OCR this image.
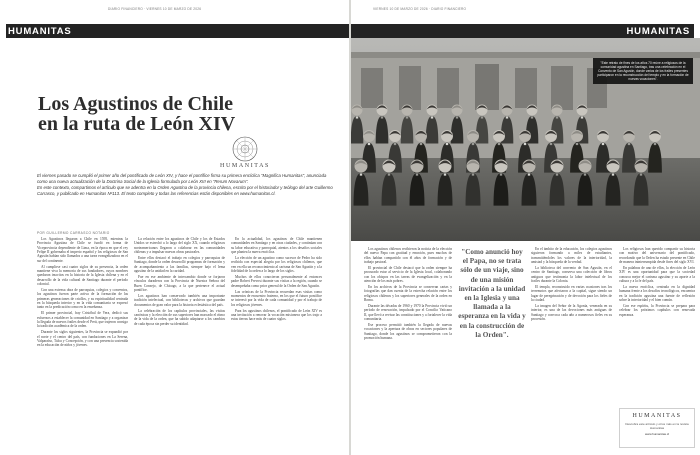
DIARIO FINANCIERO · VIERNES 10 DE MARZO DE 2026
HUMANITAS
Los Agustinos de Chile
en la ruta de León XIV
HUMANITAS

El viernes pasado se cumplió el primer año del pontificado de León XIV, y hace el pontífice firma su primera encíclica "Magnifica Humanitas", anunciada como una nueva actualización de la Doctrina Social de la Iglesia formulada por León XIII en "Rerum Novarum".

En este contexto, compartimos el artículo que se adentra en la Orden Agustina de la provincia chilena, escrito por el historiador y teólogo del arte Guillermo Carrasco, y publicado en Humanitas Nº113. El texto completo y todas las referencias están disponibles en www.humanitas.cl.

POR GUILLERMO CARRASCO NOTARIO

Los Agustinos llegaron a Chile en 1595, mientras la Provincia Agustina de Chile se fundó en forma de Viceprovincia dependiente de Lima, en la época en que el rey Felipe II gobernaba el imperio español y los religiosos de San Agustín habían sido llamados a una tarea evangelizadora en el sur del continente.

Al cumplirse casi cuatro siglos de su presencia, la orden mantiene viva la memoria de sus fundadores, cuyos nombres quedaron inscritos en la historia de la Iglesia chilena y en el desarrollo de la vida cultural de Santiago durante el período colonial.

Con una extensa obra de parroquias, colegios y conventos, los agustinos fueron parte activa de la formación de las primeras generaciones de criollos, y su espiritualidad centrada en la búsqueda interior y en la vida comunitaria se expresó tanto en la predicación como en la enseñanza.

El primer provincial, fray Cristóbal de Vera, dedicó sus esfuerzos a establecer la comunidad en Santiago y a organizar la llegada de nuevos frailes desde el Perú, que trajeron consigo la tradición académica de la orden.

Durante los siglos siguientes, la Provincia se expandió por el norte y el centro del país, con fundaciones en La Serena, Valparaíso, Talca y Concepción, y con una presencia sostenida en la educación de niños y jóvenes.

La relación entre los agustinos de Chile y los de Estados Unidos se estrechó a lo largo del siglo XX, cuando religiosos norteamericanos llegaron a colaborar en las comunidades chilenas y a impulsar nuevas obras pastorales.

Entre ellos destacó el trabajo en colegios y parroquias de Santiago, donde la orden desarrolló programas de formación y de acompañamiento a las familias, siempre bajo el lema agustino de la unidad en la caridad.

Fue en ese ambiente de intercambio donde se forjaron vínculos duraderos con la Provincia de Nuestra Señora del Buen Consejo, de Chicago, a la que pertenece el actual pontífice.

Los agustinos han conservado también una importante tradición intelectual, con bibliotecas y archivos que guardan documentos de gran valor para la historia eclesiástica del país.

La celebración de los capítulos provinciales, las visitas canónicas y la elección de sus superiores han marcado el ritmo de la vida de la orden, que ha sabido adaptarse a los cambios de cada época sin perder su identidad.

En la actualidad, los agustinos de Chile mantienen comunidades en Santiago y en otras ciudades, y continúan con su labor educativa y parroquial, atentos a los desafíos sociales que plantea la nueva encíclica.

La elección de un agustino como sucesor de Pedro ha sido recibida con especial alegría por los religiosos chilenos, que ven en ella un reconocimiento al carisma de San Agustín y a la fidelidad de la orden a lo largo de los siglos.

Muchos de ellos conocieron personalmente al entonces padre Robert Prevost durante sus visitas a la región, cuando se desempeñaba como prior general de la Orden de San Agustín.

Las crónicas de la Provincia recuerdan esas visitas como momentos de encuentro fraterno, en los que el futuro pontífice se interesó por la vida de cada comunidad y por el trabajo de los religiosos jóvenes.

Para los agustinos chilenos, el pontificado de León XIV es una invitación a renovar la vocación misionera que los trajo a estas tierras hace más de cuatro siglos.

VIERNES 10 DE MARZO DE 2026 · DIARIO FINANCIERO
HUMANITAS
"Este retrato de fines de los años 70 reúne a religiosos de la comunidad agustina en Santiago, tras una celebración en el Convento de San Agustín, donde varios de los frailes presentes participaron en la reconstrucción del templo y en la formación de nuevas vocaciones".

Los agustinos chilenos recibieron la noticia de la elección del nuevo Papa con gratitud y emoción, pues muchos de ellos habían compartido con él años de formación y de trabajo pastoral.

El provincial de Chile destacó que la orden siempre ha procurado estar al servicio de la Iglesia local, colaborando con los obispos en las tareas de evangelización y en la atención de los más pobres.

En los archivos de la Provincia se conservan cartas y fotografías que dan cuenta de la estrecha relación entre los religiosos chilenos y los superiores generales de la orden en Roma.

Durante las décadas de 1960 y 1970 la Provincia vivió un período de renovación, impulsado por el Concilio Vaticano II, que llevó a revisar las constituciones y a fortalecer la vida comunitaria.

Ese proceso permitió también la llegada de nuevas vocaciones y la apertura de obras en sectores populares de Santiago, donde los agustinos se comprometieron con la promoción humana.

"Como anunció hoy el Papa, no se trata sólo de un viaje, sino de una misión invitación a la unidad en la Iglesia y una llamada a la esperanza en la vida y en la construcción de la Orden".

En el ámbito de la educación, los colegios agustinos siguieron formando a miles de estudiantes, transmitiéndoles los valores de la interioridad, la amistad y la búsqueda de la verdad.

La biblioteca del convento de San Agustín, en el centro de Santiago, conserva una colección de libros antiguos que testimonia la labor intelectual de los frailes durante la Colonia.

El templo, reconstruido en varias ocasiones tras los terremotos que afectaron a la capital, sigue siendo un lugar de peregrinación y de devoción para los fieles de la ciudad.

La imagen del Señor de la Agonía, venerada en su interior, es una de las devociones más antiguas de Santiago y convoca cada año a numerosos fieles en su procesión.

Los religiosos han querido compartir su historia con motivo del aniversario del pontificado, recordando que la Orden ha estado presente en Chile de manera ininterrumpida desde fines del siglo XVI.

En palabras de uno de ellos, la elección de León XIV es una oportunidad para que la sociedad conozca mejor el carisma agustino y su aporte a la cultura y a la fe del país.

La nueva encíclica, centrada en la dignidad humana frente a los desafíos tecnológicos, encuentra en la tradición agustina una fuente de reflexión sobre la interioridad y el bien común.

Con ese espíritu, la Provincia se prepara para celebrar los próximos capítulos con renovada esperanza.

HUMANITAS
Descubra este artículo y otros más en la revista Humanitas
www.humanitas.cl
